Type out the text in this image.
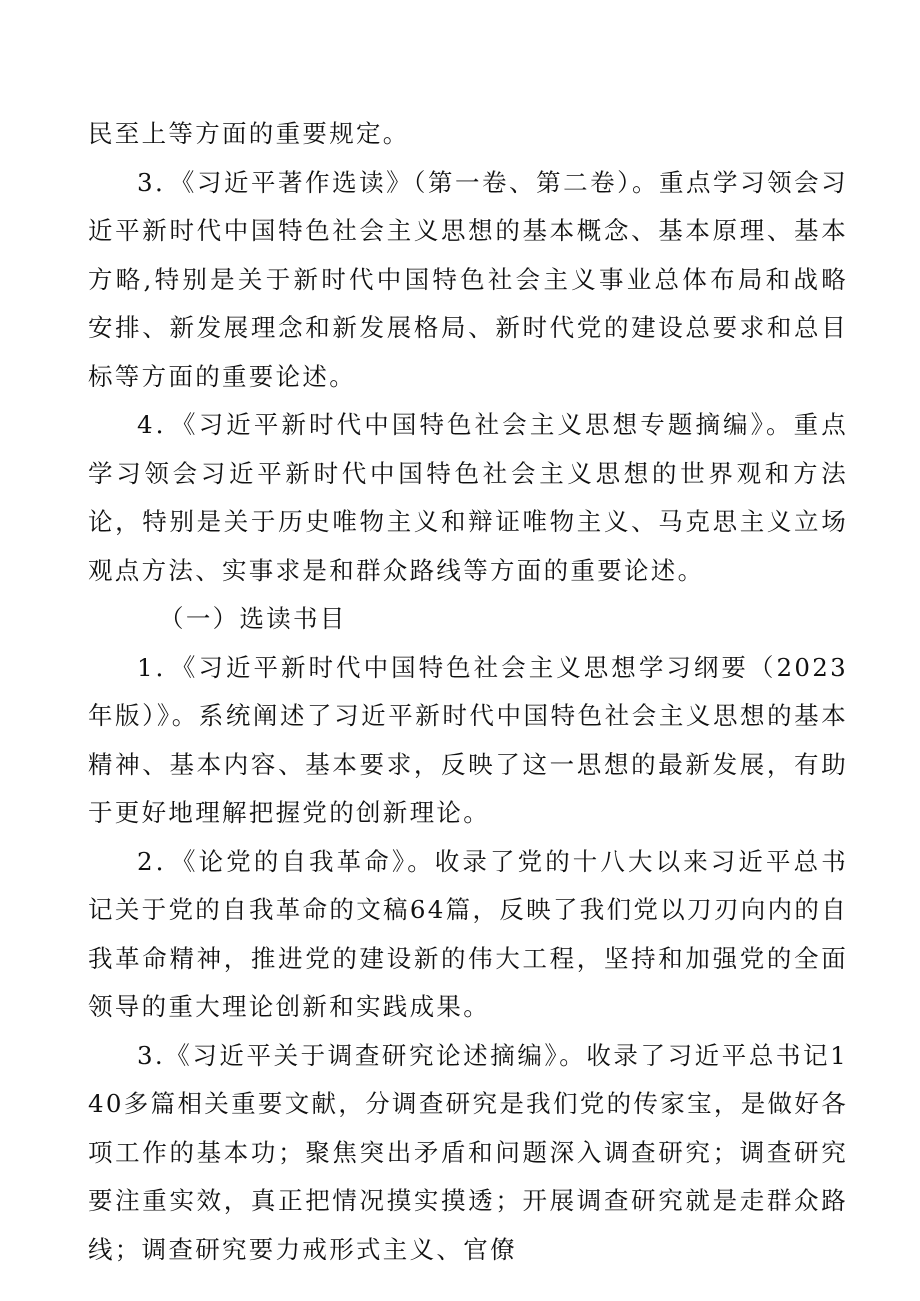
民至上等方面的重要规定。

3．《习近平著作选读》（第一卷、第二卷）。重点学习领会习近平新时代中国特色社会主义思想的基本概念、基本原理、基本方略,特别是关于新时代中国特色社会主义事业总体布局和战略安排、新发展理念和新发展格局、新时代党的建设总要求和总目标等方面的重要论述。

4．《习近平新时代中国特色社会主义思想专题摘编》。重点学习领会习近平新时代中国特色社会主义思想的世界观和方法论，特别是关于历史唯物主义和辩证唯物主义、马克思主义立场观点方法、实事求是和群众路线等方面的重要论述。

（一）选读书目

1．《习近平新时代中国特色社会主义思想学习纲要（2023年版）》。系统阐述了习近平新时代中国特色社会主义思想的基本精神、基本内容、基本要求，反映了这一思想的最新发展，有助于更好地理解把握党的创新理论。

2．《论党的自我革命》。收录了党的十八大以来习近平总书记关于党的自我革命的文稿64篇，反映了我们党以刀刃向内的自我革命精神，推进党的建设新的伟大工程，坚持和加强党的全面领导的重大理论创新和实践成果。

3.《习近平关于调查研究论述摘编》。收录了习近平总书记140多篇相关重要文献，分调查研究是我们党的传家宝，是做好各项工作的基本功；聚焦突出矛盾和问题深入调查研究；调查研究要注重实效，真正把情况摸实摸透；开展调查研究就是走群众路线；调查研究要力戒形式主义、官僚
